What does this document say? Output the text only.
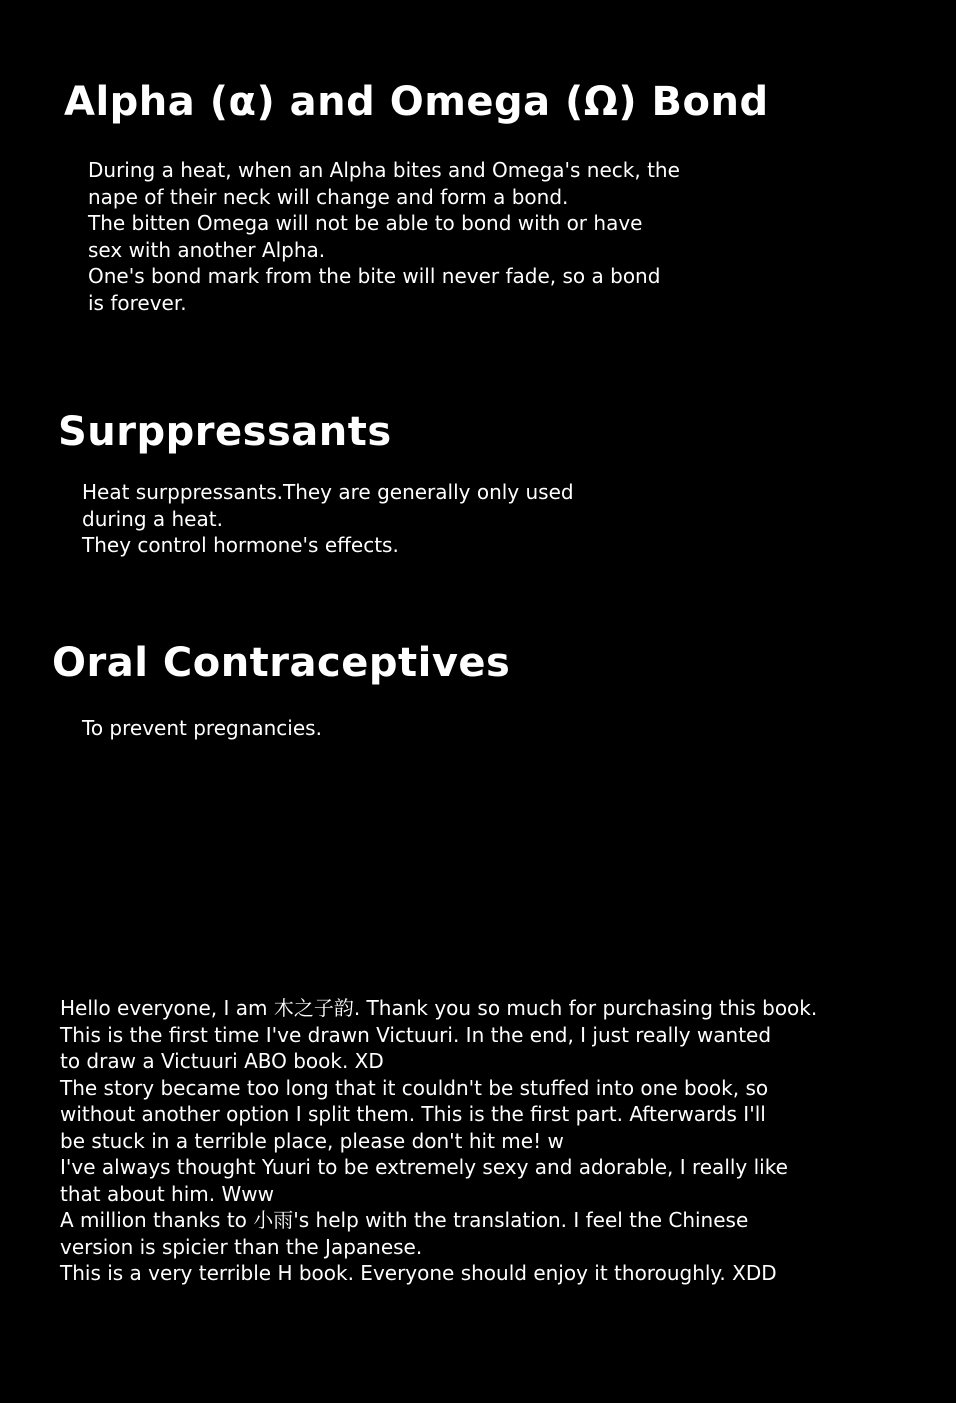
Alpha (α) and Omega (Ω) Bond
During a heat, when an Alpha bites and Omega's neck, the
nape of their neck will change and form a bond.
The bitten Omega will not be able to bond with or have
sex with another Alpha.
One's bond mark from the bite will never fade, so a bond
is forever.
Surppressants
Heat surppressants.They are generally only used
during a heat.
They control hormone's effects.
Oral Contraceptives
To prevent pregnancies.
Hello everyone, I am 木之子韵. Thank you so much for purchasing this book.
This is the first time I've drawn Victuuri. In the end, I just really wanted
to draw a Victuuri ABO book. XD
The story became too long that it couldn't be stuffed into one book, so
without another option I split them. This is the first part. Afterwards I'll
be stuck in a terrible place, please don't hit me! w
I've always thought Yuuri to be extremely sexy and adorable, I really like
that about him. Www
A million thanks to 小雨's help with the translation. I feel the Chinese
version is spicier than the Japanese.
This is a very terrible H book. Everyone should enjoy it thoroughly. XDD
